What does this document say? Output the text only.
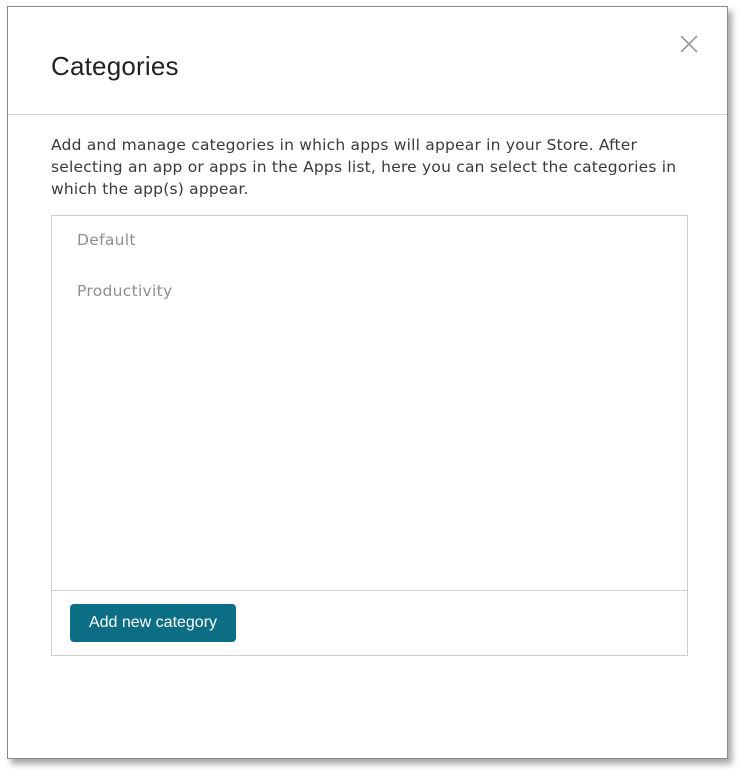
Categories
Add and manage categories in which apps will appear in your Store. After selecting an app or apps in the Apps list, here you can select the categories in which the app(s) appear.
Default
Productivity
Add new category
